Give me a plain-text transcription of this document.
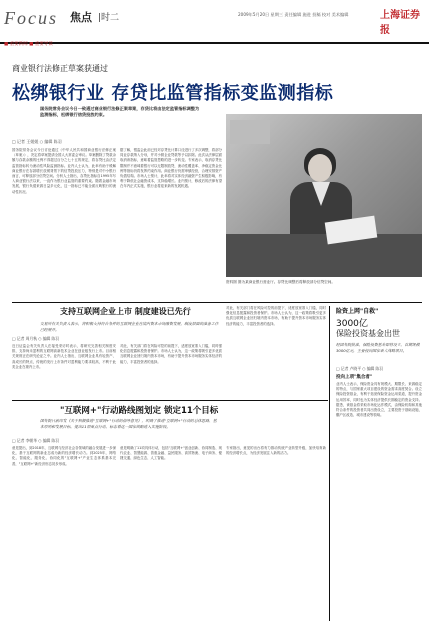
Focus 焦点 |时二	2009年5月20日 星期三 责任编辑 施进 投稿 校对 美术编辑	上海证券报
■ 重要新闻 ■ 重要导读
商业银行法修正草案获通过
松绑银行业 存贷比监管指标变监测指标
国务院常务会议今日一致通过商业银行法修正案草案，存贷比将由法定监管指标调整为监测指标，松绑银行信贷投放约束。
□ 记者 王媛媛 ○ 编辑 陈羽
国务院常务会议今日讨论通过《中华人民共和国商业银行法修正案（草案）》，决定将草案提请全国人大常委会审议。草案删除了贷款余额与存款余额的比例不得超过百分之七十五的规定，将存贷比由法定监管指标转为流动性风险监测指标。业内人士认为，此举有助于缓解商业银行在存款增长放缓背景下的信贷投放压力，特别是对中小银行而言，可释放部分信贷空间。分析人士指出，存贷比指标自1995年写入商业银行法以来，一直作为银行业监管的重要约束。随着金融市场发展，银行负债来源日益多元化，这一指标已不能全面反映银行的流动性状况。
据了解，银监会此前已经对存贷比计算口径进行了多次调整，将部分同业存款纳入分母，并对小微企业贷款等予以扣除。此次从法律层面取消该指标，意味着监管思路的进一步转变。专家表示，取消存贷比限制并不意味着银行可以无限制放贷，流动性覆盖率、净稳定资金比例等指标仍将发挥约束作用。商业银行仍需审慎经营，合理安排资产负债结构。市场人士预计，此举将对实体经济融资产生积极影响，有利于降低社会融资成本，支持稳增长。业内预计，修改后的法律有望在年内正式实施，银行业将迎来新的发展机遇。
资料图 图为某商业银行营业厅。存贷比调整后将释放部分信贷空间。
支持互联网企业上市 制度建设已先行
交易所有关负责人表示，将积极支持符合条件的互联网企业在境内资本市场融资发展，制度层面的准备工作已经展开。
□ 记者 周月秋 ○ 编辑 陈羽
近日证监会有关负责人在接受采访时表示，将研究完善相关制度安排，支持尚未盈利的互联网高新技术企业在创业板发行上市。目前相关规则正在研究论证之中。业内人士指出，互联网企业具有轻资产、高成长的特点，传统的发行上市条件对盈利能力要求较高，不利于此类企业在境内上市。
对此，有关部门将在风险可控的前提下，适度放宽准入门槛，同时强化信息披露和投资者保护。市场人士认为，这一政策将吸引更多优质互联网企业回归境内资本市场，有助于提升资本市场服务实体经济的能力，丰富投资者的选择。
对此，有关部门将在风险可控的前提下，适度放宽准入门槛，同时强化信息披露和投资者保护。市场人士认为，这一政策将吸引更多优质互联网企业回归境内资本市场，有助于提升资本市场服务实体经济的能力，丰富投资者的选择。
"互联网+"行动路线图划定 锁定11个目标
国务院日前印发《关于积极推进"互联网+"行动的指导意见》，明确了推进"互联网+"行动的总体思路、基本原则和发展目标，提出11项重点行动，标志着这一国家战略进入实施阶段。
□ 记者 李朝华 ○ 编辑 陈羽
意见提出，到2018年，互联网与经济社会各领域的融合发展进一步深化，基于互联网的新业态成为新的经济增长动力。到2025年，网络化、智能化、服务化、协同化的"互联网+"产业生态体系基本完善，"互联网+"新经济形态初步形成。
意见明确了11项具体行动，包括"互联网+"创业创新、协同制造、现代农业、智慧能源、普惠金融、益民服务、高效物流、电子商务、便捷交通、绿色生态、人工智能。
专家指出，意见的出台将有力推动传统产业转型升级，加快培育新的经济增长点，为经济发展注入新的活力。
险资上网"自救"
3000亿
保险投资基金出世
经国务院批准，保险投资基金即将设立，首期规模3000亿元，主要投向国家重大战略项目。
□ 记者 卢晓平 ○ 编辑 陈羽
投向上项"集合者"
业内人士表示，保险资金具有规模大、期限长、来源稳定的特点，与国家重大项目建设的资金需求高度契合。设立保险投资基金，有利于拓宽保险资金运用渠道，提升资金运用效率，同时也为实体经济提供长期稳定的资金支持。据悉，该基金将采取市场化运作模式，由保险机构和其他符合条件的投资者共同出资设立，主要投资于基础设施、棚户区改造、城市建设等领域。
